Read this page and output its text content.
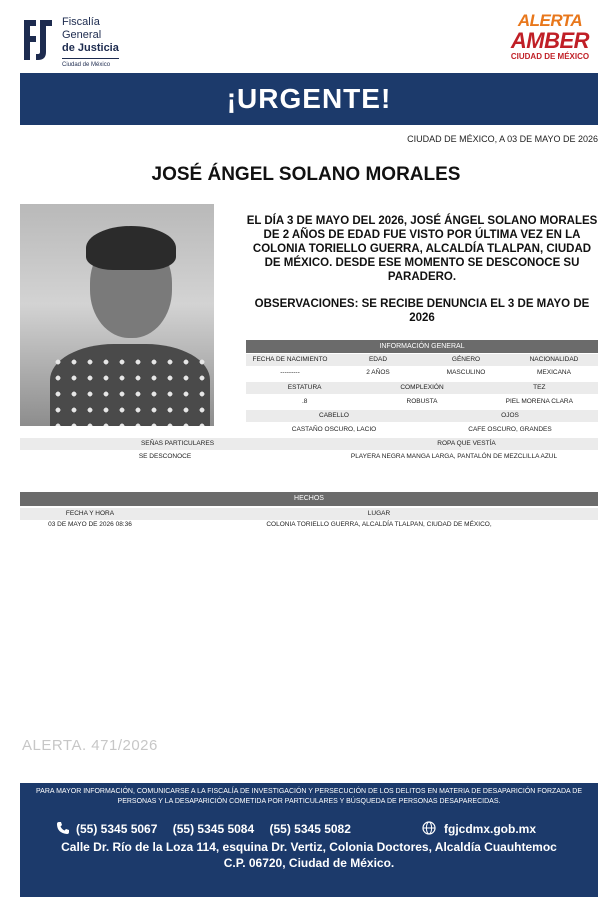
Fiscalía
General
de Justicia
Ciudad de México
ALERTA
AMBER
CIUDAD DE MÉXICO
¡URGENTE!
CIUDAD DE MÉXICO, A 03 DE MAYO DE 2026
JOSÉ ÁNGEL SOLANO MORALES
EL DÍA 3 DE MAYO DEL 2026, JOSÉ ÁNGEL SOLANO MORALES DE 2 AÑOS DE EDAD FUE VISTO POR ÚLTIMA VEZ EN LA COLONIA TORIELLO GUERRA, ALCALDÍA TLALPAN, CIUDAD DE MÉXICO. DESDE ESE MOMENTO SE DESCONOCE SU PARADERO.
OBSERVACIONES: SE RECIBE DENUNCIA EL 3 DE MAYO DE 2026
INFORMACIÓN GENERAL
FECHA DE NACIMIENTO	EDAD	GÉNERO	NACIONALIDAD
---------	2 AÑOS	MASCULINO	MEXICANA
ESTATURA	COMPLEXIÓN	TEZ
.8	ROBUSTA	PIEL MORENA CLARA
CABELLO	OJOS
CASTAÑO OSCURO, LACIO	CAFE OSCURO, GRANDES
SEÑAS PARTICULARES	ROPA QUE VESTÍA
SE DESCONOCE	PLAYERA NEGRA MANGA LARGA, PANTALÓN DE MEZCLILLA AZUL
HECHOS
FECHA Y HORA	LUGAR
03 DE MAYO DE 2026 08:36	COLONIA TORIELLO GUERRA, ALCALDÍA TLALPAN, CIUDAD DE MÉXICO,
ALERTA. 471/2026
PARA MAYOR INFORMACIÓN, COMUNICARSE A LA FISCALÍA DE INVESTIGACIÓN Y PERSECUCIÓN DE LOS DELITOS EN MATERIA DE DESAPARICIÓN FORZADA DE PERSONAS Y LA DESAPARICIÓN COMETIDA POR PARTICULARES Y BÚSQUEDA DE PERSONAS DESAPARECIDAS.
(55) 5345 5067 (55) 5345 5084 (55) 5345 5082	fgjcdmx.gob.mx
Calle Dr. Río de la Loza 114, esquina Dr. Vertiz, Colonia Doctores, Alcaldía Cuauhtemoc
C.P. 06720, Ciudad de México.
